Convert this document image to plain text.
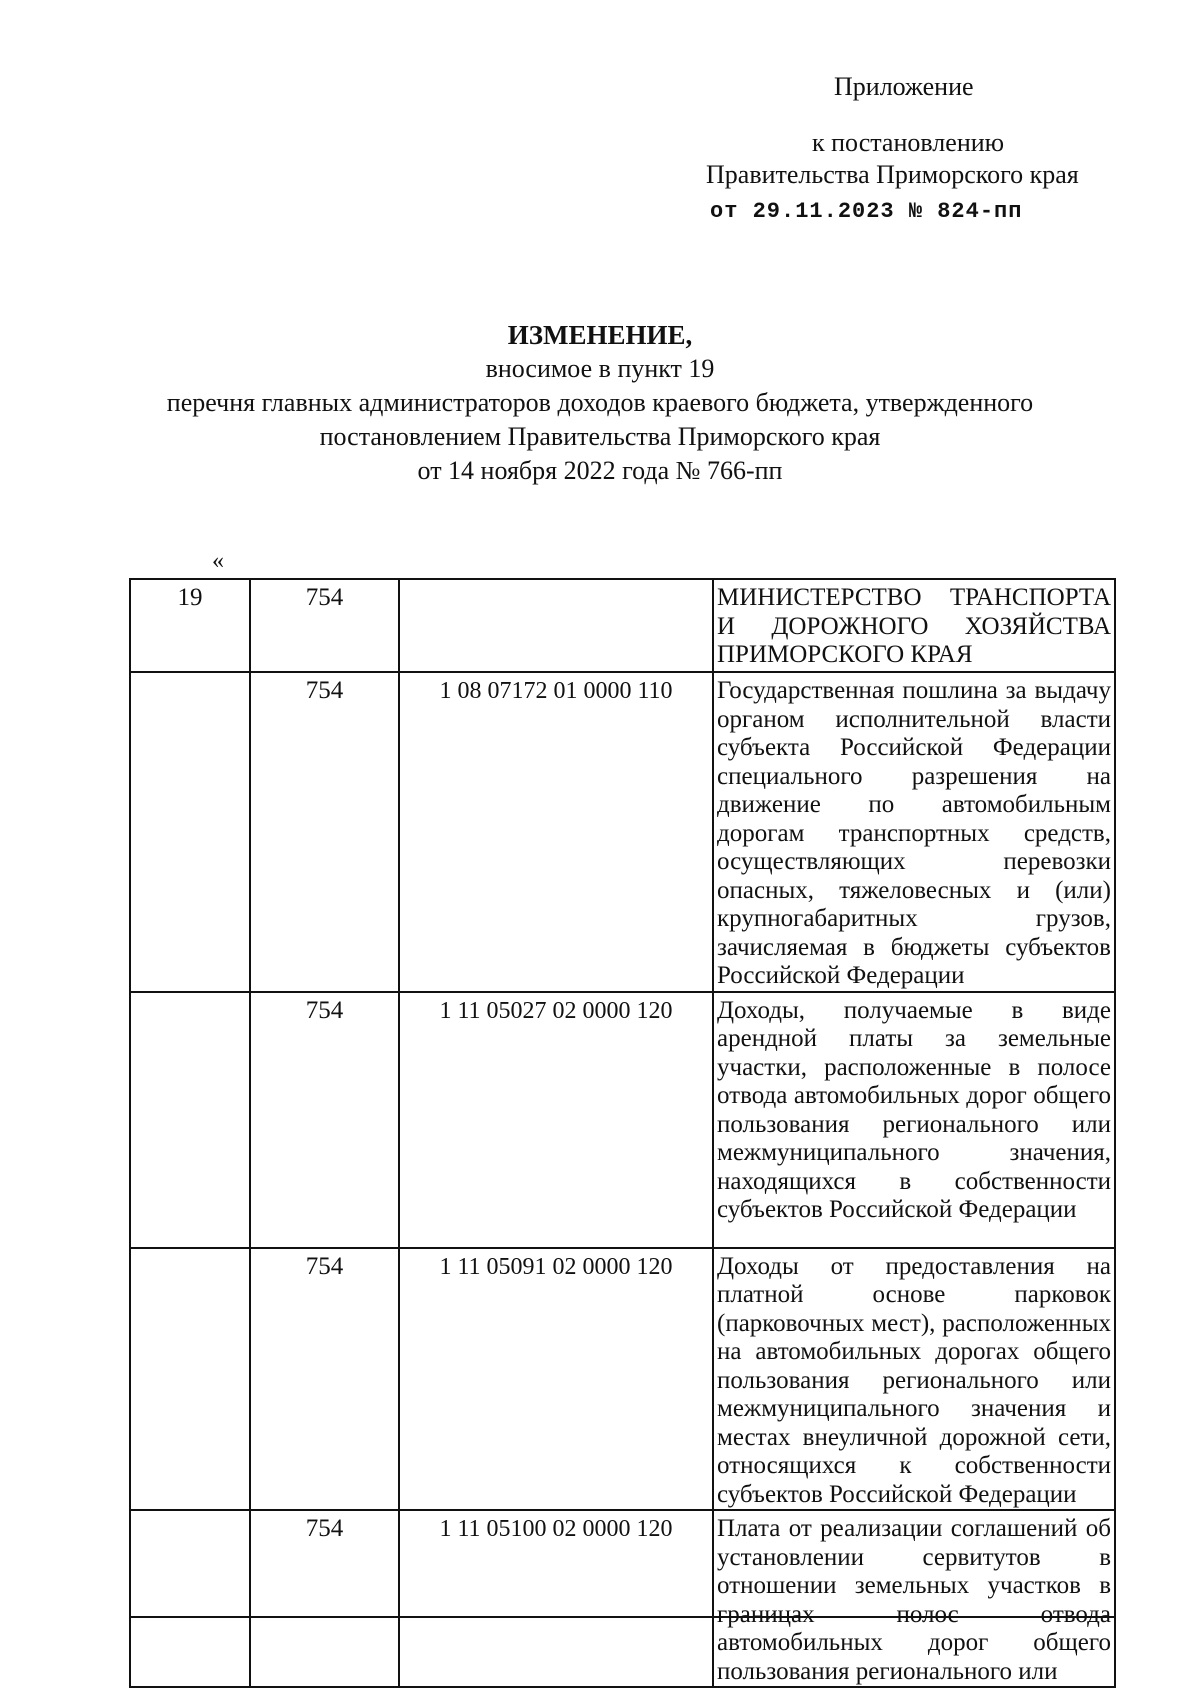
Приложение
к постановлению
Правительства Приморского края
от 29.11.2023 № 824-пп
ИЗМЕНЕНИЕ,
вносимое в пункт 19
перечня главных администраторов доходов краевого бюджета, утвержденного
постановлением Правительства Приморского края
от 14 ноября 2022 года № 766-пп
«
19	754		МИНИСТЕРСТВО ТРАНСПОРТА И ДОРОЖНОГО ХОЗЯЙСТВА ПРИМОРСКОГО КРАЯ
	754	1 08 07172 01 0000 110	Государственная пошлина за выдачу органом исполнительной власти субъекта Российской Федерации специального разрешения на движение по автомобильным дорогам транспортных средств, осуществляющих перевозки опасных, тяжеловесных и (или) крупногабаритных грузов, зачисляемая в бюджеты субъектов Российской Федерации
	754	1 11 05027 02 0000 120	Доходы, получаемые в виде арендной платы за земельные участки, расположенные в полосе отвода автомобильных дорог общего пользования регионального или межмуниципального значения, находящихся в собственности субъектов Российской Федерации
	754	1 11 05091 02 0000 120	Доходы от предоставления на платной основе парковок (парковочных мест), расположенных на автомобильных дорогах общего пользования регионального или межмуниципального значения и местах внеуличной дорожной сети, относящихся к собственности субъектов Российской Федерации
	754	1 11 05100 02 0000 120	Плата от реализации соглашений об установлении сервитутов в отношении земельных участков в границах полос отвода автомобильных дорог общего пользования регионального или
